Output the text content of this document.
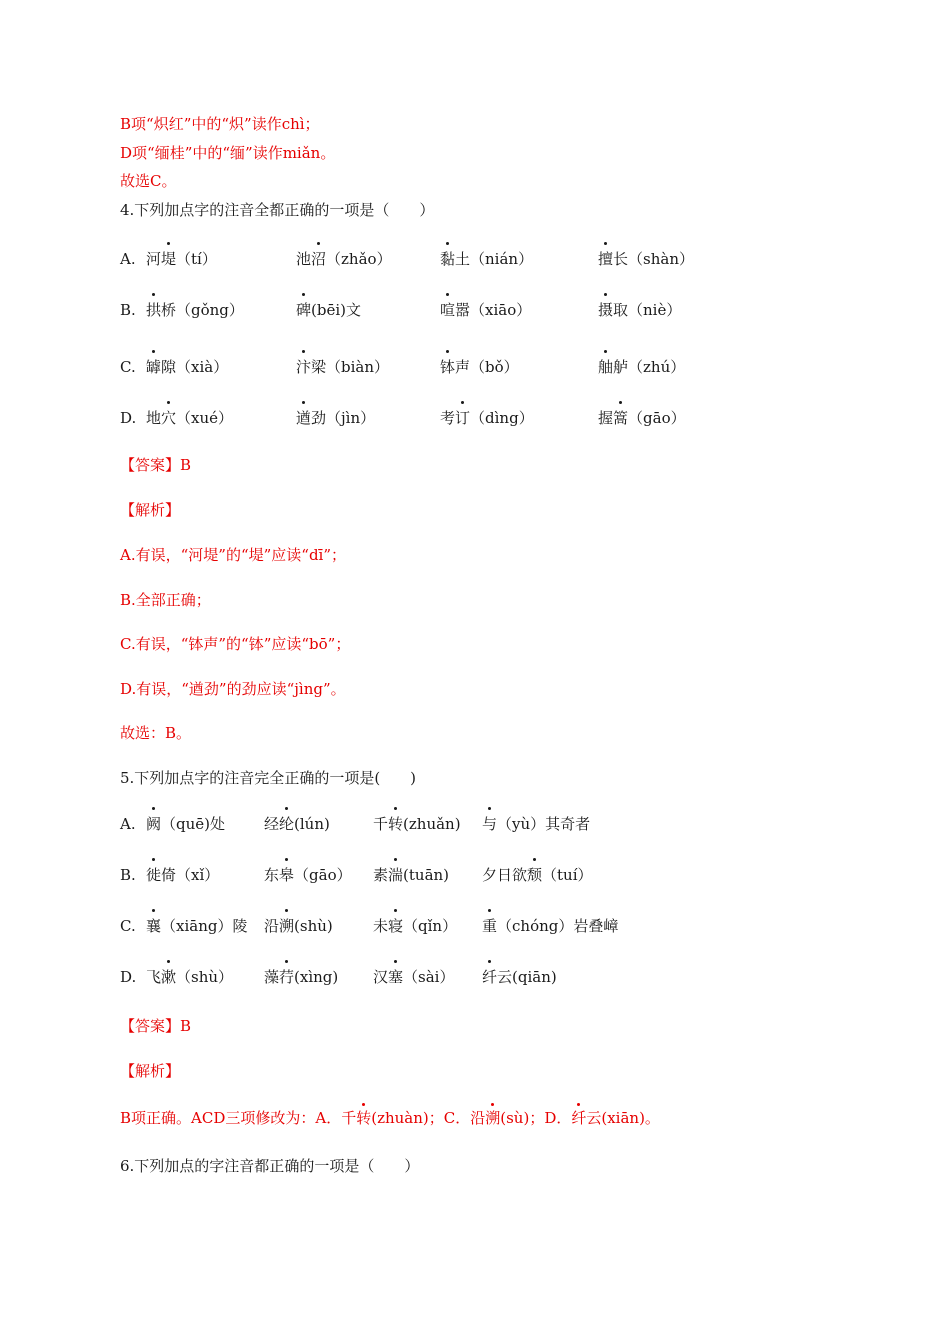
B项“炽红”中的“炽”读作chì；
D项“缅桂”中的“缅”读作miǎn。
故选C。
4.下列加点字的注音全都正确的一项是（　　）
A. 河堤（tí）	池沼（zhǎo）	黏土（nián）	擅长（shàn）
B. 拱桥（gǒng）	碑(bēi)文	喧嚣（xiāo）	摄取（niè）
C. 罅隙（xià）	汴梁（biàn）	钵声（bǒ）	舳舻（zhú）
D. 地穴（xué）	遒劲（jìn）	考订（dìng）	握篙（gāo）
【答案】B
【解析】
A.有误，“河堤”的“堤”应读“dī”；
B.全部正确；
C.有误，“钵声”的“钵”应读“bō”；
D.有误，“遒劲”的劲应读“jìng”。
故选：B。
5.下列加点字的注音完全正确的一项是(　　)
A. 阙（quē)处	经纶(lún)	千转(zhuǎn) 与（yù）其奇者
B. 徙倚（xǐ）	东皋（gāo） 素湍(tuān) 夕日欲颓（tuí）
C. 襄（xiāng）陵 沿溯(shù)	未寝（qǐn） 重（chóng）岩叠嶂
D. 飞漱（shù） 藻荇(xìng) 汉塞（sài） 纤云(qiān)
【答案】B
【解析】
B项正确。ACD三项修改为：A．千转(zhuàn)；C．沿溯(sù)；D．纤云(xiān)。
6.下列加点的字注音都正确的一项是（　　）
